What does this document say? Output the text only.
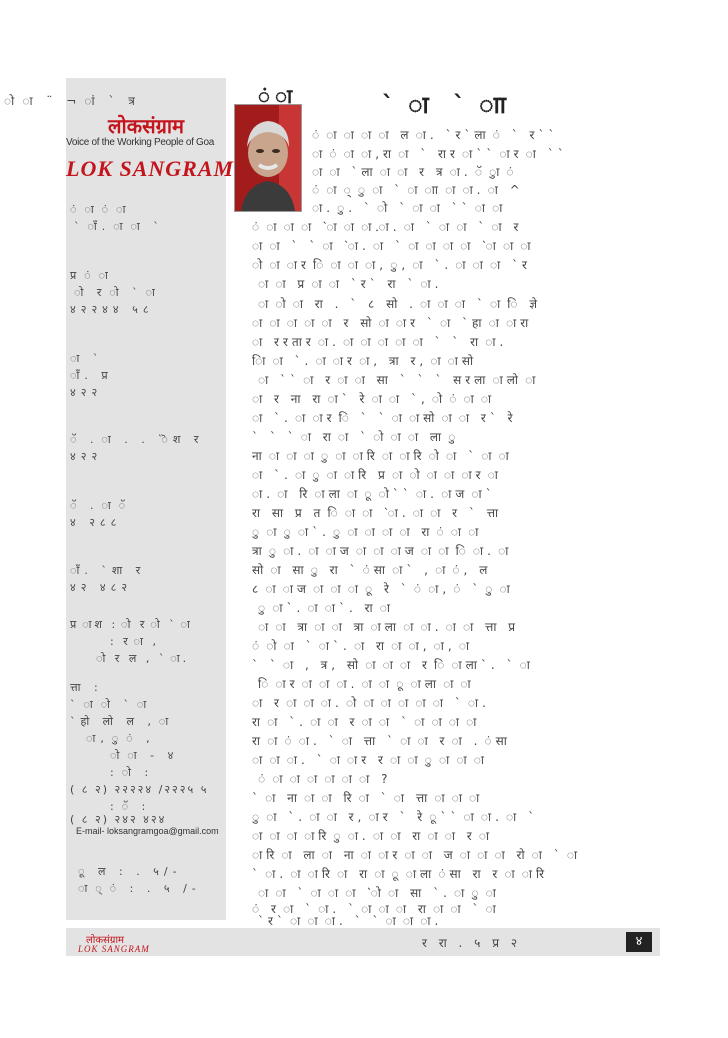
ो ा ¨ ¬ ां ` त्र
लोकसंग्राम
Voice of the Working People of Goa
LOK SANGRAM
ं ा ं ा
` ाँ. ा ा `
प्र ं ा
ो र ो ` ा
४२२४४ ५८
ा `
ाँ. प्र
४२२
ॅ . ा . . `ॆश र
४२२
ॅ . ा ॅ
४ २८८
ाँ. `शा र
४२ ४८२
प्र ाश : ो र ो ` ा
: र ा ,
ो र ल , ` ा.
त्ता :
` ा ो ` ा
`हो लो ल , ा
ा, ु ं ,
ो ा - ४
: ो :
( ८ २) २२२२४ /२२२५ ५
: ॅ :
( ८ २) २४२ ४२४
E-mail- loksangramgoa@gmail.com
ू ल : . ५/-
ा ् ं : . ५ /-
ं ा	` ा ` ाा
ं ा ा ा ा ल ा. `र`ला ं ` र``
ा ं ा ा,रा ा ` रार ा`` ार ा ``
ा ा `ला ा ा र त्र ा. ॅ ुा ं
ं ा ् ु ा ` ा ाा ा ा. ा ^
ा. ु. ` ो ` ा ा `` ा ा
ं ा ा ा `ा ा ा.ा. ा ` ा ा ` ा र
ा ा ` ` ा `ा. ा ` ा ा ा ा `ा ा ा
ो ा ार ि ा ा ा, ु, ा `. ा ा ा `र
ा ा प्र ा ा `र` रा ` ा.
ा ो ा रा . ` ८ सो . ा ा ा ` ा ि ज्ञे
ा ा ा ा ा र सो ा ार ` ा `हा ा ारा
ा ररतार ा. ा ा ा ा ा ` ` रा ा.
ाि ा `. ा ार ा, त्रा र, ा ासो
ा `` ा र ा ा सा ` ` ` सरला ालो ा
ा र ना रा ा` रे ा ा `, ो ं ा ा
ा `. ा ार ि ` ` ा ासो ा ा र` रे
` ` ` ा रा ा ` ो ा ा ला ु
ना ा ा ा ु ा ारि ा ारि ो ा ` ा ा
ा `. ा ु ा ारि प्र ा ो ा ा ार ा
ा. ा रि ाला ा ू ो`` ा. ाज ा`
रा सा प्र त ि ा ा `ा. ा ा र ` त्ता
ु ा ु ा`. ु ा ा ा ा रा ं ा ा
त्रा ु ा. ा ाज ा ा ाज ा ा ि ा. ा
सो ा सा ु रा ` ंसा ा` , ा ं, ल
८ ा ाज ा ा ा ू रे ` ं ा, ं ` ु ा
ु ा`. ा ा`. रा ा
ा ा त्रा ा ा त्रा ाला ा ा. ा ा त्ता प्र
ं ो ा ` ा`. ा रा ा ा, ा, ा
` ` ा , त्र, सो ा ा ा र ि ाला`. ` ा
ि ार ा ा ा. ा ा ू ाला ा ा
ा र ा ा ा. ो ा ा ा ा ा ` ा.
रा ा `. ा ा र ा ा ` ा ा ा ा
रा ा ं ा. ` ा त्ता ` ा ा र ा . ंसा
ा ा ा. ` ा ार र ा ा ु ा ा ा
ं ा ा ा ा ा ा ?
` ा ना ा ा रि ा ` ा त्ता ा ा ा
ु ा `. ा ा र, ार ` रे ू`` ा ा. ा `
ा ा ा ारि ु ा. ा ा रा ा ा र ा
ारि ा ला ा ना ा ार ा ा ज ा ा ा रो ा ` ा
` ा. ा ारि ा रा ा ू ाला ंसा रा र ा ारि
ा ा ` ा ा ा `ो ा सा `. ा ु ा
ं र ा ` ा. ` ा ा ा रा ा ा ` ा
`र` ा ा ा. ` ` ा ा ा.
लोकसंग्राम
LOK SANGRAM	र रा . ५ प्र २	४
